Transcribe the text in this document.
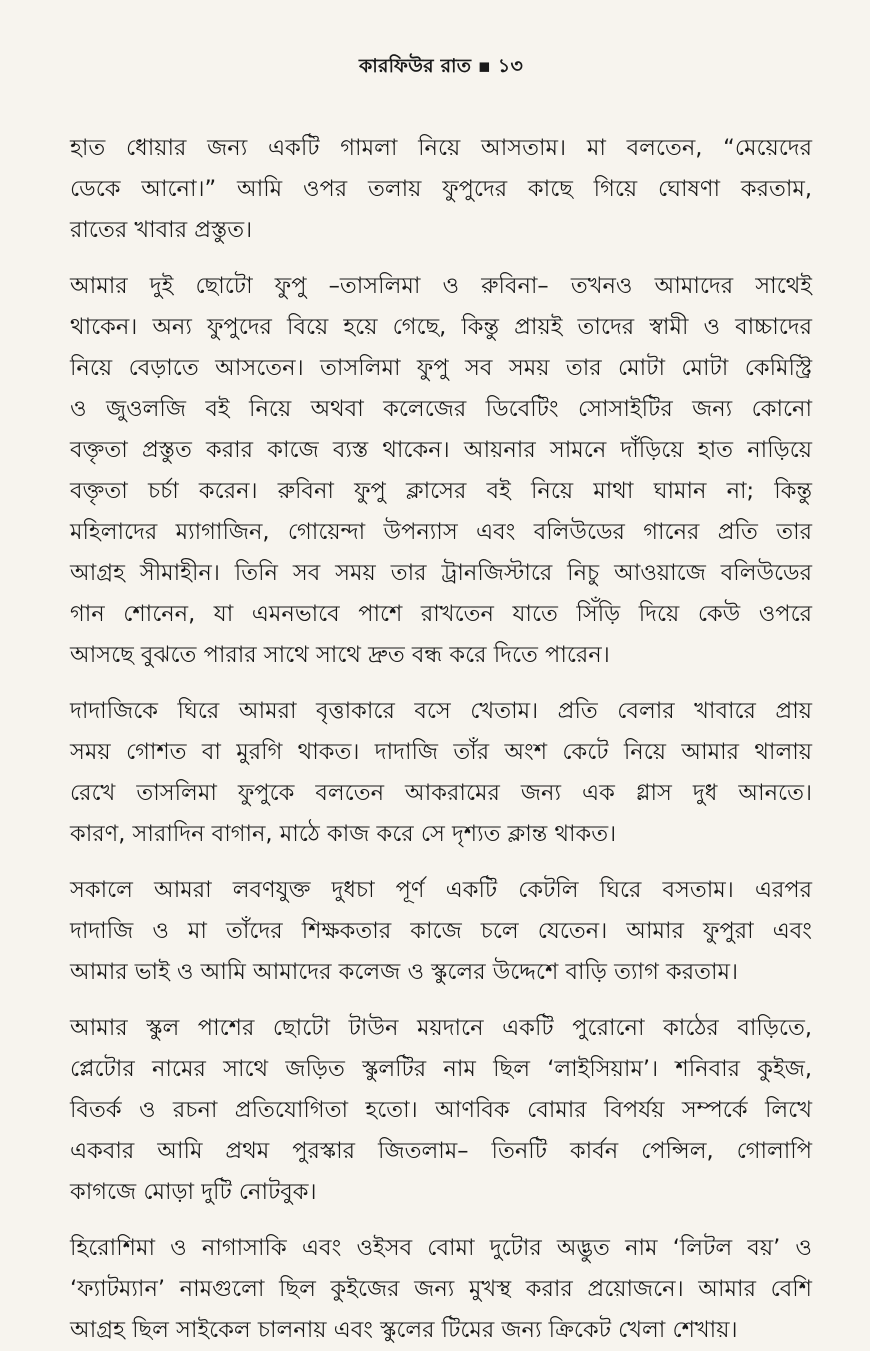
কারফিউর রাত ▪ ১৩
হাত ধোয়ার জন্য একটি গামলা নিয়ে আসতাম। মা বলতেন, “মেয়েদের
ডেকে আনো।” আমি ওপর তলায় ফুপুদের কাছে গিয়ে ঘোষণা করতাম,
রাতের খাবার প্রস্তুত।
আমার দুই ছোটো ফুপু –তাসলিমা ও রুবিনা– তখনও আমাদের সাথেই
থাকেন। অন্য ফুপুদের বিয়ে হয়ে গেছে, কিন্তু প্রায়ই তাদের স্বামী ও বাচ্চাদের
নিয়ে বেড়াতে আসতেন। তাসলিমা ফুপু সব সময় তার মোটা মোটা কেমিস্ট্রি
ও জুওলজি বই নিয়ে অথবা কলেজের ডিবেটিং সোসাইটির জন্য কোনো
বক্তৃতা প্রস্তুত করার কাজে ব্যস্ত থাকেন। আয়নার সামনে দাঁড়িয়ে হাত নাড়িয়ে
বক্তৃতা চর্চা করেন। রুবিনা ফুপু ক্লাসের বই নিয়ে মাথা ঘামান না; কিন্তু
মহিলাদের ম্যাগাজিন, গোয়েন্দা উপন্যাস এবং বলিউডের গানের প্রতি তার
আগ্রহ সীমাহীন। তিনি সব সময় তার ট্রানজিস্টারে নিচু আওয়াজে বলিউডের
গান শোনেন, যা এমনভাবে পাশে রাখতেন যাতে সিঁড়ি দিয়ে কেউ ওপরে
আসছে বুঝতে পারার সাথে সাথে দ্রুত বন্ধ করে দিতে পারেন।
দাদাজিকে ঘিরে আমরা বৃত্তাকারে বসে খেতাম। প্রতি বেলার খাবারে প্রায়
সময় গোশত বা মুরগি থাকত। দাদাজি তাঁর অংশ কেটে নিয়ে আমার থালায়
রেখে তাসলিমা ফুপুকে বলতেন আকরামের জন্য এক গ্লাস দুধ আনতে।
কারণ, সারাদিন বাগান, মাঠে কাজ করে সে দৃশ্যত ক্লান্ত থাকত।
সকালে আমরা লবণযুক্ত দুধচা পূর্ণ একটি কেটলি ঘিরে বসতাম। এরপর
দাদাজি ও মা তাঁদের শিক্ষকতার কাজে চলে যেতেন। আমার ফুপুরা এবং
আমার ভাই ও আমি আমাদের কলেজ ও স্কুলের উদ্দেশে বাড়ি ত্যাগ করতাম।
আমার স্কুল পাশের ছোটো টাউন ময়দানে একটি পুরোনো কাঠের বাড়িতে,
প্লেটোর নামের সাথে জড়িত স্কুলটির নাম ছিল ‘লাইসিয়াম’। শনিবার কুইজ,
বিতর্ক ও রচনা প্রতিযোগিতা হতো। আণবিক বোমার বিপর্যয় সম্পর্কে লিখে
একবার আমি প্রথম পুরস্কার জিতলাম– তিনটি কার্বন পেন্সিল, গোলাপি
কাগজে মোড়া দুটি নোটবুক।
হিরোশিমা ও নাগাসাকি এবং ওইসব বোমা দুটোর অদ্ভুত নাম ‘লিটল বয়’ ও
‘ফ্যাটম্যান’ নামগুলো ছিল কুইজের জন্য মুখস্থ করার প্রয়োজনে। আমার বেশি
আগ্রহ ছিল সাইকেল চালনায় এবং স্কুলের টিমের জন্য ক্রিকেট খেলা শেখায়।
